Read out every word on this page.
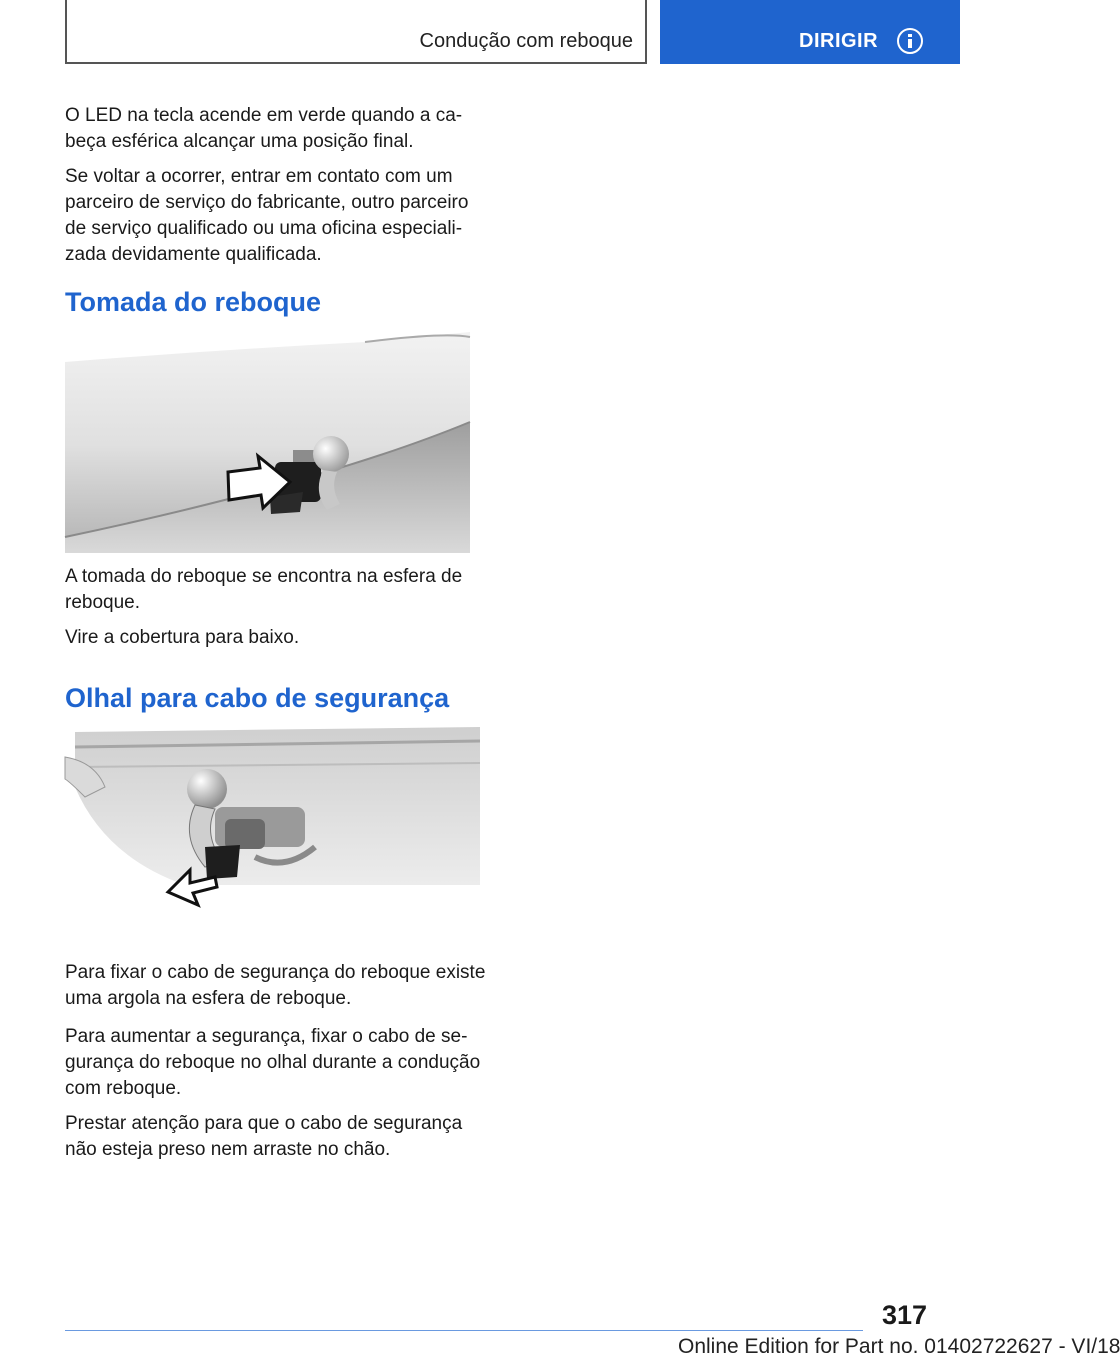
Condução com reboque	DIRIGIR

O LED na tecla acende em verde quando a ca-beça esférica alcançar uma posição final.

Se voltar a ocorrer, entrar em contato com um parceiro de serviço do fabricante, outro parceiro de serviço qualificado ou uma oficina especiali-zada devidamente qualificada.

Tomada do reboque

A tomada do reboque se encontra na esfera de reboque.

Vire a cobertura para baixo.

Olhal para cabo de segurança

Para fixar o cabo de segurança do reboque existe uma argola na esfera de reboque.

Para aumentar a segurança, fixar o cabo de se-gurança do reboque no olhal durante a condução com reboque.

Prestar atenção para que o cabo de segurança não esteja preso nem arraste no chão.

317
Online Edition for Part no. 01402722627 - VI/18
